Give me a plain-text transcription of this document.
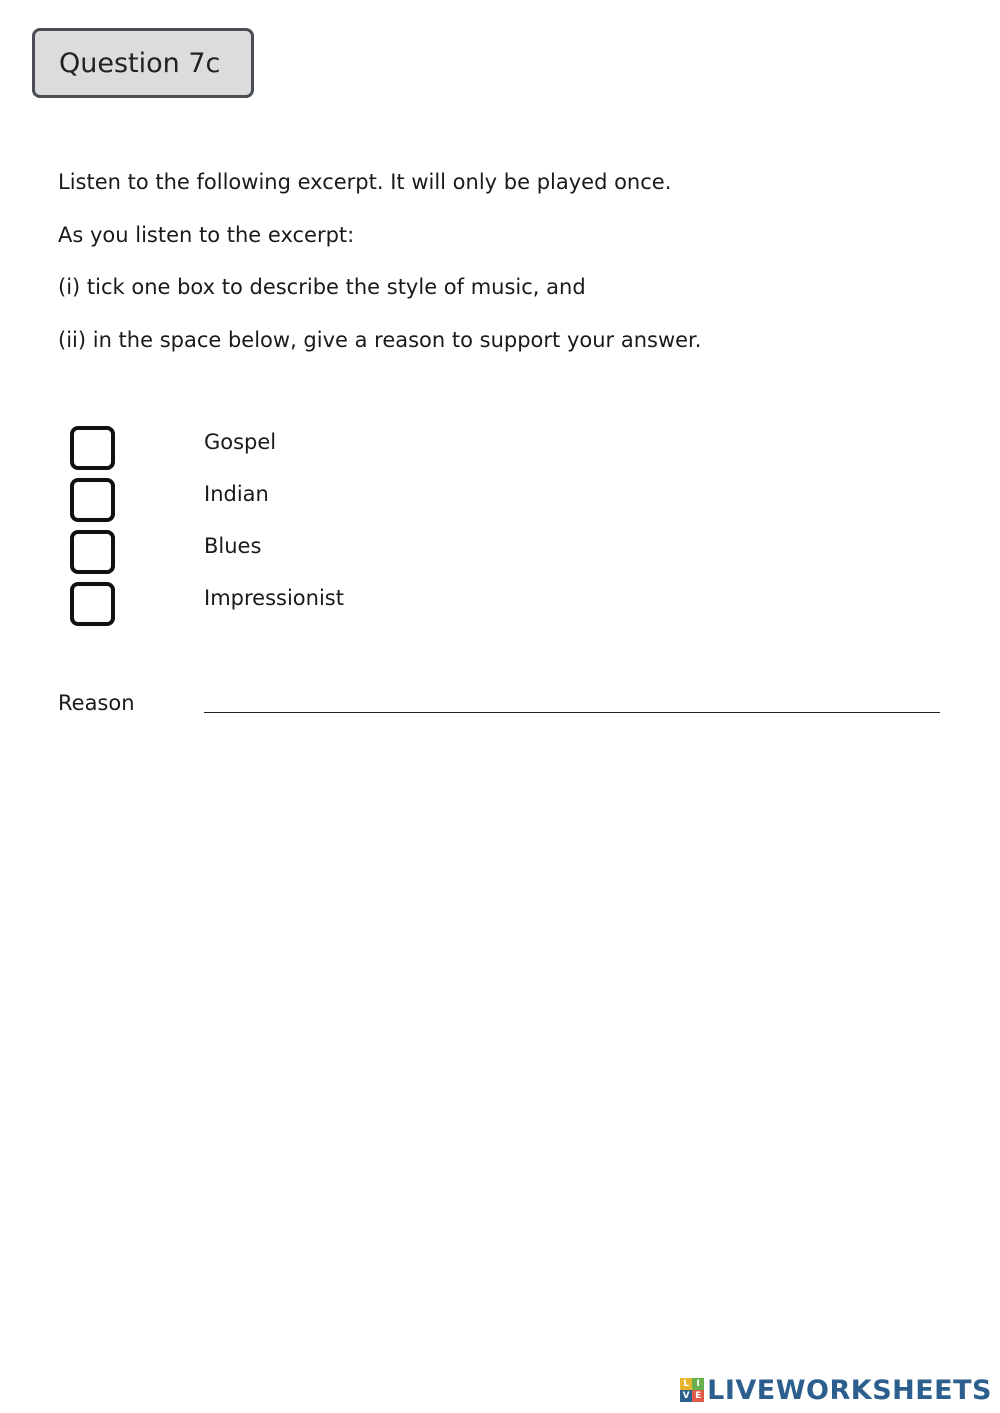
Question 7c
Listen to the following excerpt. It will only be played once.
As you listen to the excerpt:
(i) tick one box to describe the style of music, and
(ii) in the space below, give a reason to support your answer.
Gospel
Indian
Blues
Impressionist
Reason
L I
V E LIVEWORKSHEETS
